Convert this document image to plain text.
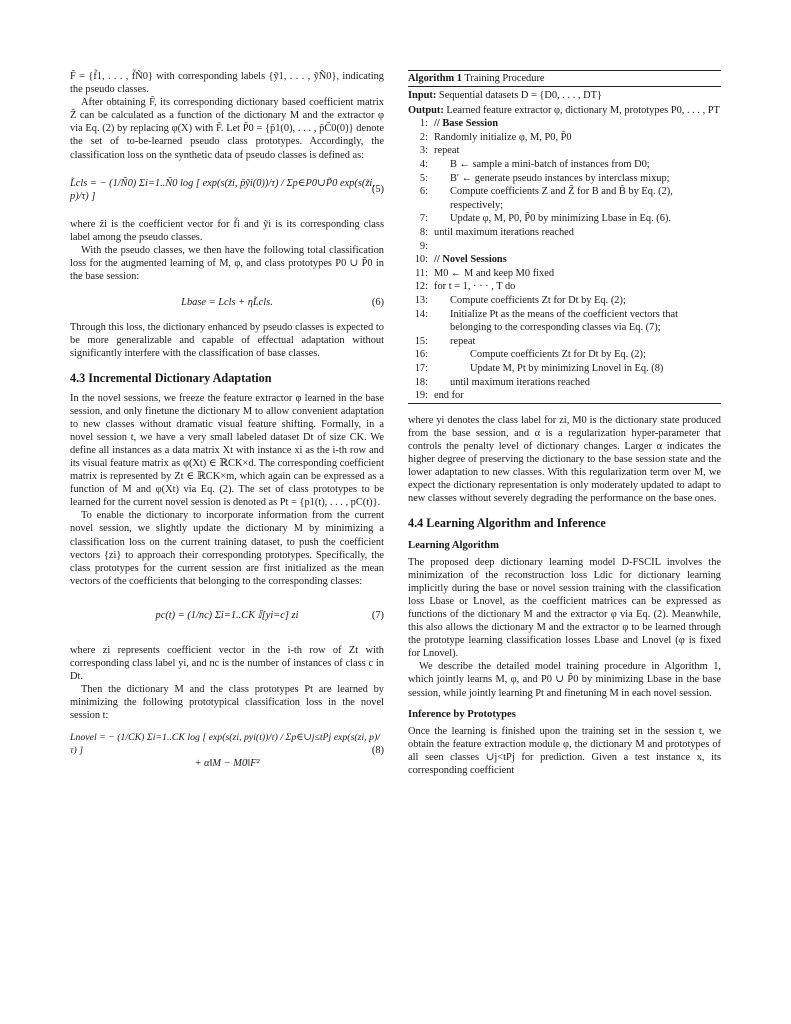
F̃ = {f̃1, . . . , f̃Ñ0} with corresponding labels {ỹ1, . . . , ỹÑ0}, indicating the pseudo classes.

After obtaining F̃, its corresponding dictionary based coefficient matrix Z̃ can be calculated as a function of the dictionary M and the extractor φ via Eq. (2) by replacing φ(X) with F̃. Let P̃0 = {p̃1(0), . . . , p̃C̃0(0)} denote the set of to-be-learned pseudo class prototypes. Accordingly, the classification loss on the synthetic data of pseudo classes is defined as:

L̃cls = − (1/Ñ0) Σi=1..Ñ0 log [ exp(s(z̃i, p̃ỹi(0))/τ) / Σp∈P0∪P̃0 exp(s(z̃i, p)/τ) ]
(5)

where z̃i is the coefficient vector for f̃i and ỹi is its corresponding class label among the pseudo classes.

With the pseudo classes, we then have the following total classification loss for the augmented learning of M, φ, and class prototypes P0 ∪ P̃0 in the base session:

Lbase = Lcls + ηL̃cls.	(6)

Through this loss, the dictionary enhanced by pseudo classes is expected to be more generalizable and capable of effectual adaptation without significantly interfere with the classification of base classes.

4.3 Incremental Dictionary Adaptation

In the novel sessions, we freeze the feature extractor φ learned in the base session, and only finetune the dictionary M to allow convenient adaptation to new classes without dramatic visual feature shifting. Formally, in a novel session t, we have a very small labeled dataset Dt of size CK. We define all instances as a data matrix Xt with instance xi as the i-th row and its visual feature matrix as φ(Xt) ∈ ℝCK×d. The corresponding coefficient matrix is represented by Zt ∈ ℝCK×m, which again can be expressed as a function of M and φ(Xt) via Eq. (2). The set of class prototypes to be learned for the current novel session is denoted as Pt = {p1(t), . . . , pC(t)}.

To enable the dictionary to incorporate information from the current novel session, we slightly update the dictionary M by minimizing a classification loss on the current training dataset, to push the coefficient vectors {zi} to approach their corresponding prototypes. Specifically, the class prototypes for the current session are first initialized as the mean vectors of the coefficients that belonging to the corresponding classes:

pc(t) = (1/nc) Σi=1..CK 𝕀[yi=c] zi	(7)

where zi represents coefficient vector in the i-th row of Zt with corresponding class label yi, and nc is the number of instances of class c in Dt.

Then the dictionary M and the class prototypes Pt are learned by minimizing the following prototypical classification loss in the novel session t:

Lnovel = − (1/CK) Σi=1..CK log [ exp(s(zi, pyi(t))/τ) / Σp∈∪j≤tPj exp(s(zi, p)/τ) ]
+ α‖M − M0‖F²
(8)
Algorithm 1 Training Procedure
Input: Sequential datasets D = {D0, . . . , DT}
Output: Learned feature extractor φ, dictionary M, prototypes P0, . . . , PT
1: // Base Session
2: Randomly initialize φ, M, P0, P̃0
3: repeat
4:	B ← sample a mini-batch of instances from D0;
5:	B′ ← generate pseudo instances by interclass mixup;
6:	Compute coefficients Z and Z̃ for B and B̃ by Eq. (2), respectively;
7:	Update φ, M, P0, P̃0 by minimizing Lbase in Eq. (6).
8: until maximum iterations reached
9:
10: // Novel Sessions
11: M0 ← M and keep M0 fixed
12: for t = 1, · · · , T do
13:	Compute coefficients Zt for Dt by Eq. (2);
14:	Initialize Pt as the means of the coefficient vectors that belonging to the corresponding classes via Eq. (7);
15:	repeat
16:	Compute coefficients Zt for Dt by Eq. (2);
17:	Update M, Pt by minimizing Lnovel in Eq. (8)
18:	until maximum iterations reached
19: end for

where yi denotes the class label for zi, M0 is the dictionary state produced from the base session, and α is a regularization hyper-parameter that controls the penalty level of dictionary changes. Larger α indicates the higher degree of preserving the dictionary to the base session state and the lower adaptation to new classes. With this regularization term over M, we expect the dictionary representation is only moderately updated to adapt to new classes without severely degrading the performance on the base ones.

4.4 Learning Algorithm and Inference
Learning Algorithm

The proposed deep dictionary learning model D-FSCIL involves the minimization of the reconstruction loss Ldic for dictionary learning implicitly during the base or novel session training with the classification loss Lbase or Lnovel, as the coefficient matrices can be expressed as functions of the dictionary M and the extractor φ via Eq. (2). Meanwhile, this also allows the dictionary M and the extractor φ to be learned through the prototype learning classification losses Lbase and Lnovel (φ is fixed for Lnovel).

We describe the detailed model training procedure in Algorithm 1, which jointly learns M, φ, and P0 ∪ P̃0 by minimizing Lbase in the base session, while jointly learning Pt and finetuning M in each novel session.

Inference by Prototypes

Once the learning is finished upon the training set in the session t, we obtain the feature extraction module φ, the dictionary M and prototypes of all seen classes ∪j<tPj for prediction. Given a test instance x, its corresponding coefficient
